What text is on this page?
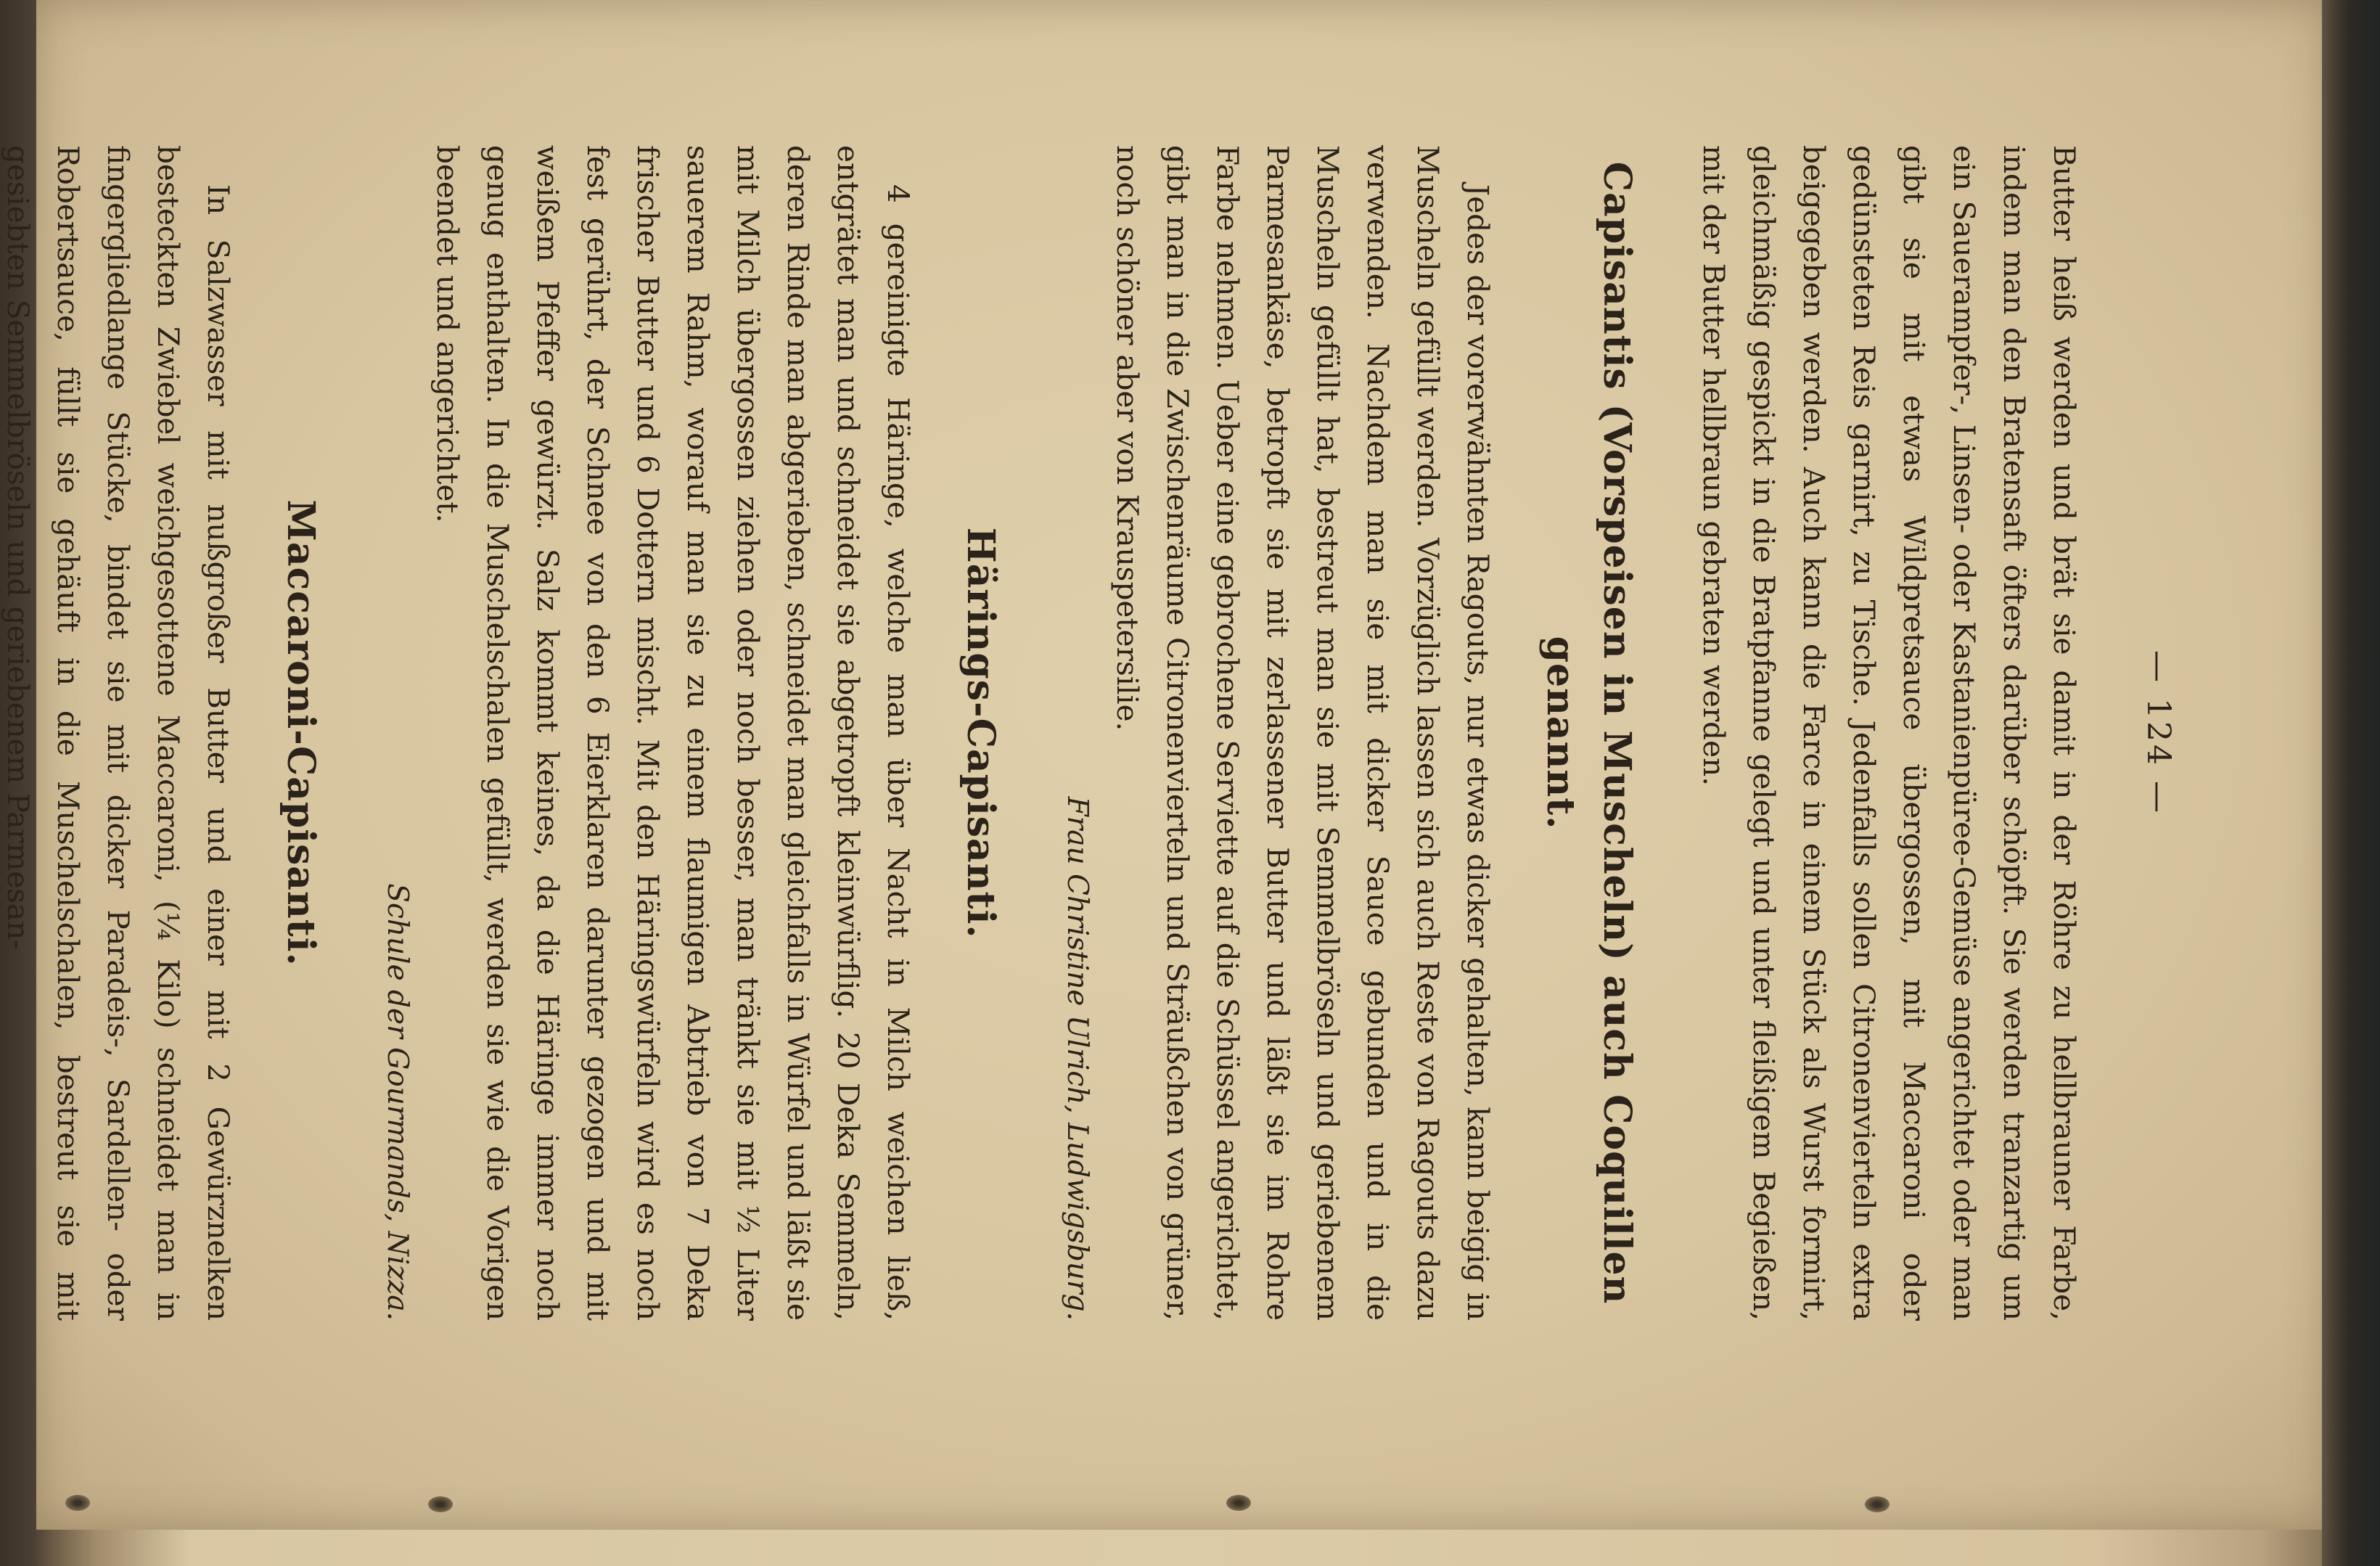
— 124 —

Butter heiß werden und brät sie damit in der Röhre zu hellbrauner Farbe, indem man den Bratensaft öfters darüber schöpft. Sie werden tranzartig um ein Sauerampfer-, Linsen- oder Kastanienpüree-Gemüse angerichtet oder man gibt sie mit etwas Wildpretsauce übergossen, mit Maccaroni oder gedünsteten Reis garnirt, zu Tische. Jedenfalls sollen Citronenvierteln extra beigegeben werden. Auch kann die Farce in einem Stück als Wurst formirt, gleichmäßig gespickt in die Bratpfanne gelegt und unter fleißigem Begießen, mit der Butter hellbraun gebraten werden.

Capisantis (Vorspeisen in Muscheln) auch Coquillen genannt.

Jedes der vorerwähnten Ragouts, nur etwas dicker gehalten, kann beigig in Muscheln gefüllt werden. Vorzüglich lassen sich auch Reste von Ragouts dazu verwenden. Nachdem man sie mit dicker Sauce gebunden und in die Muscheln gefüllt hat, bestreut man sie mit Semmelbröseln und geriebenem Parmesankäse, betropft sie mit zerlassener Butter und läßt sie im Rohre Farbe nehmen. Ueber eine gebrochene Serviette auf die Schüssel angerichtet, gibt man in die Zwischenräume Citronenvierteln und Sträußchen von grüner, noch schöner aber von Krauspetersilie.

Frau Christine Ulrich, Ludwigsburg.
Härings-Capisanti.

4 gereinigte Häringe, welche man über Nacht in Milch weichen ließ, entgrätet man und schneidet sie abgetropft kleinwürflig. 20 Deka Semmeln, deren Rinde man abgerieben, schneidet man gleichfalls in Würfel und läßt sie mit Milch übergossen ziehen oder noch besser, man tränkt sie mit ½ Liter sauerem Rahm, worauf man sie zu einem flaumigen Abtrieb von 7 Deka frischer Butter und 6 Dottern mischt. Mit den Häringswürfeln wird es noch fest gerührt, der Schnee von den 6 Eierklaren darunter gezogen und mit weißem Pfeffer gewürzt. Salz kommt keines, da die Häringe immer noch genug enthalten. In die Muschelschalen gefüllt, werden sie wie die Vorigen beendet und angerichtet.

Schule der Gourmands, Nizza.
Maccaroni-Capisanti.

In Salzwasser mit nußgroßer Butter und einer mit 2 Gewürznelken besteckten Zwiebel weichgesottene Maccaroni, (¼ Kilo) schneidet man in fingergliedlange Stücke, bindet sie mit dicker Paradeis-, Sardellen- oder Robertsauce, füllt sie gehäuft in die Muschelschalen, bestreut sie mit gesiebten Semmelbröseln und geriebenem Parmesan-
